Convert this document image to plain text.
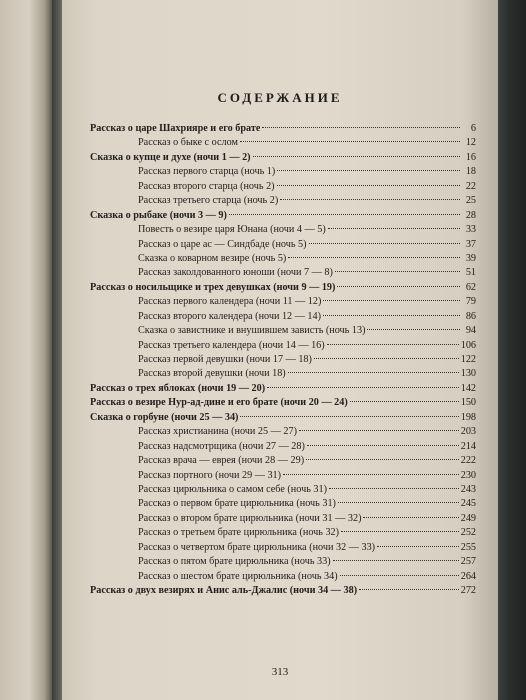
СОДЕРЖАНИЕ
Рассказ о царе Шахрияре и его брате	6
Рассказ о быке с ослом	12
Сказка о купце и духе (ночи 1 — 2)	16
Рассказ первого старца (ночь 1)	18
Рассказ второго старца (ночь 2)	22
Рассказ третьего старца (ночь 2)	25
Сказка о рыбаке (ночи 3 — 9)	28
Повесть о везире царя Юнана (ночи 4 — 5)	33
Рассказ о царе ас — Синдбаде (ночь 5)	37
Сказка о коварном везире (ночь 5)	39
Рассказ заколдованного юноши (ночи 7 — 8)	51
Рассказ о носильщике и трех девушках (ночи 9 — 19)	62
Рассказ первого календера (ночи 11 — 12)	79
Рассказ второго календера (ночи 12 — 14)	86
Сказка о завистнике и внушившем зависть (ночь 13)	94
Рассказ третьего календера (ночи 14 — 16)	106
Рассказ первой девушки (ночи 17 — 18)	122
Рассказ второй девушки (ночи 18)	130
Рассказ о трех яблоках (ночи 19 — 20)	142
Рассказ о везире Нур-ад-дине и его брате (ночи 20 — 24)	150
Сказка о горбуне (ночи 25 — 34)	198
Рассказ христианина (ночи 25 — 27)	203
Рассказ надсмотрщика (ночи 27 — 28)	214
Рассказ врача — еврея (ночи 28 — 29)	222
Рассказ портного (ночи 29 — 31)	230
Рассказ цирюльника о самом себе (ночь 31)	243
Рассказ о первом брате цирюльника (ночь 31)	245
Рассказ о втором брате цирюльника (ночи 31 — 32)	249
Рассказ о третьем брате цирюльника (ночь 32)	252
Рассказ о четвертом брате цирюльника (ночи 32 — 33)	255
Рассказ о пятом брате цирюльника (ночь 33)	257
Рассказ о шестом брате цирюльника (ночь 34)	264
Рассказ о двух везирях и Анис аль-Джалис (ночи 34 — 38)	272
313
